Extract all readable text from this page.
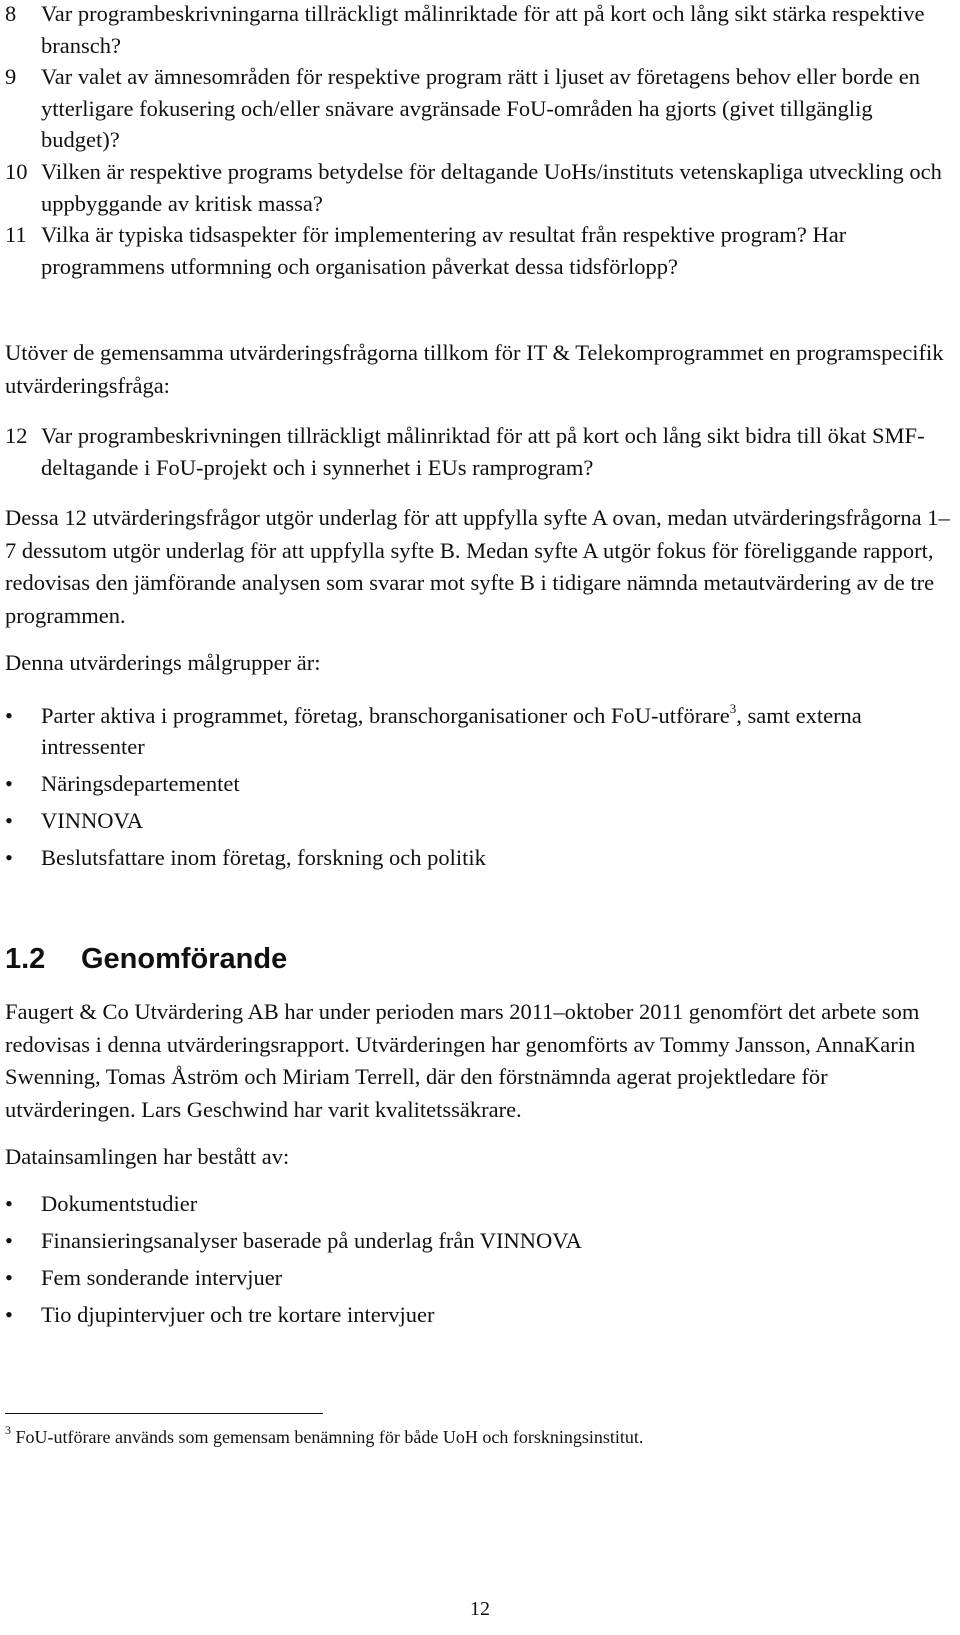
8	Var programbeskrivningarna tillräckligt målinriktade för att på kort och lång sikt stärka respektive bransch?
9	Var valet av ämnesområden för respektive program rätt i ljuset av företagens behov eller borde en ytterligare fokusering och/eller snävare avgränsade FoU-områden ha gjorts (givet tillgänglig budget)?
10 Vilken är respektive programs betydelse för deltagande UoHs/instituts vetenskapliga utveckling och uppbyggande av kritisk massa?
11 Vilka är typiska tidsaspekter för implementering av resultat från respektive program? Har programmens utformning och organisation påverkat dessa tidsförlopp?

Utöver de gemensamma utvärderingsfrågorna tillkom för IT & Telekomprogrammet en programspecifik utvärderingsfråga:

12 Var programbeskrivningen tillräckligt målinriktad för att på kort och lång sikt bidra till ökat SMF-deltagande i FoU-projekt och i synnerhet i EUs ramprogram?

Dessa 12 utvärderingsfrågor utgör underlag för att uppfylla syfte A ovan, medan utvärderingsfrågorna 1–7 dessutom utgör underlag för att uppfylla syfte B. Medan syfte A utgör fokus för föreliggande rapport, redovisas den jämförande analysen som svarar mot syfte B i tidigare nämnda metautvärdering av de tre programmen.

Denna utvärderings målgrupper är:

•	Parter aktiva i programmet, företag, branschorganisationer och FoU-utförare$^3$, samt externa intressenter
•	Näringsdepartementet
•	VINNOVA
•	Beslutsfattare inom företag, forskning och politik
1.2	Genomförande

Faugert & Co Utvärdering AB har under perioden mars 2011–oktober 2011 genomfört det arbete som redovisas i denna utvärderingsrapport. Utvärderingen har genomförts av Tommy Jansson, AnnaKarin Swenning, Tomas Åström och Miriam Terrell, där den förstnämnda agerat projektledare för utvärderingen. Lars Geschwind har varit kvalitetssäkrare.

Datainsamlingen har bestått av:

•	Dokumentstudier
•	Finansieringsanalyser baserade på underlag från VINNOVA
•	Fem sonderande intervjuer
•	Tio djupintervjuer och tre kortare intervjuer

$^3$ FoU-utförare används som gemensam benämning för både UoH och forskningsinstitut.

12
